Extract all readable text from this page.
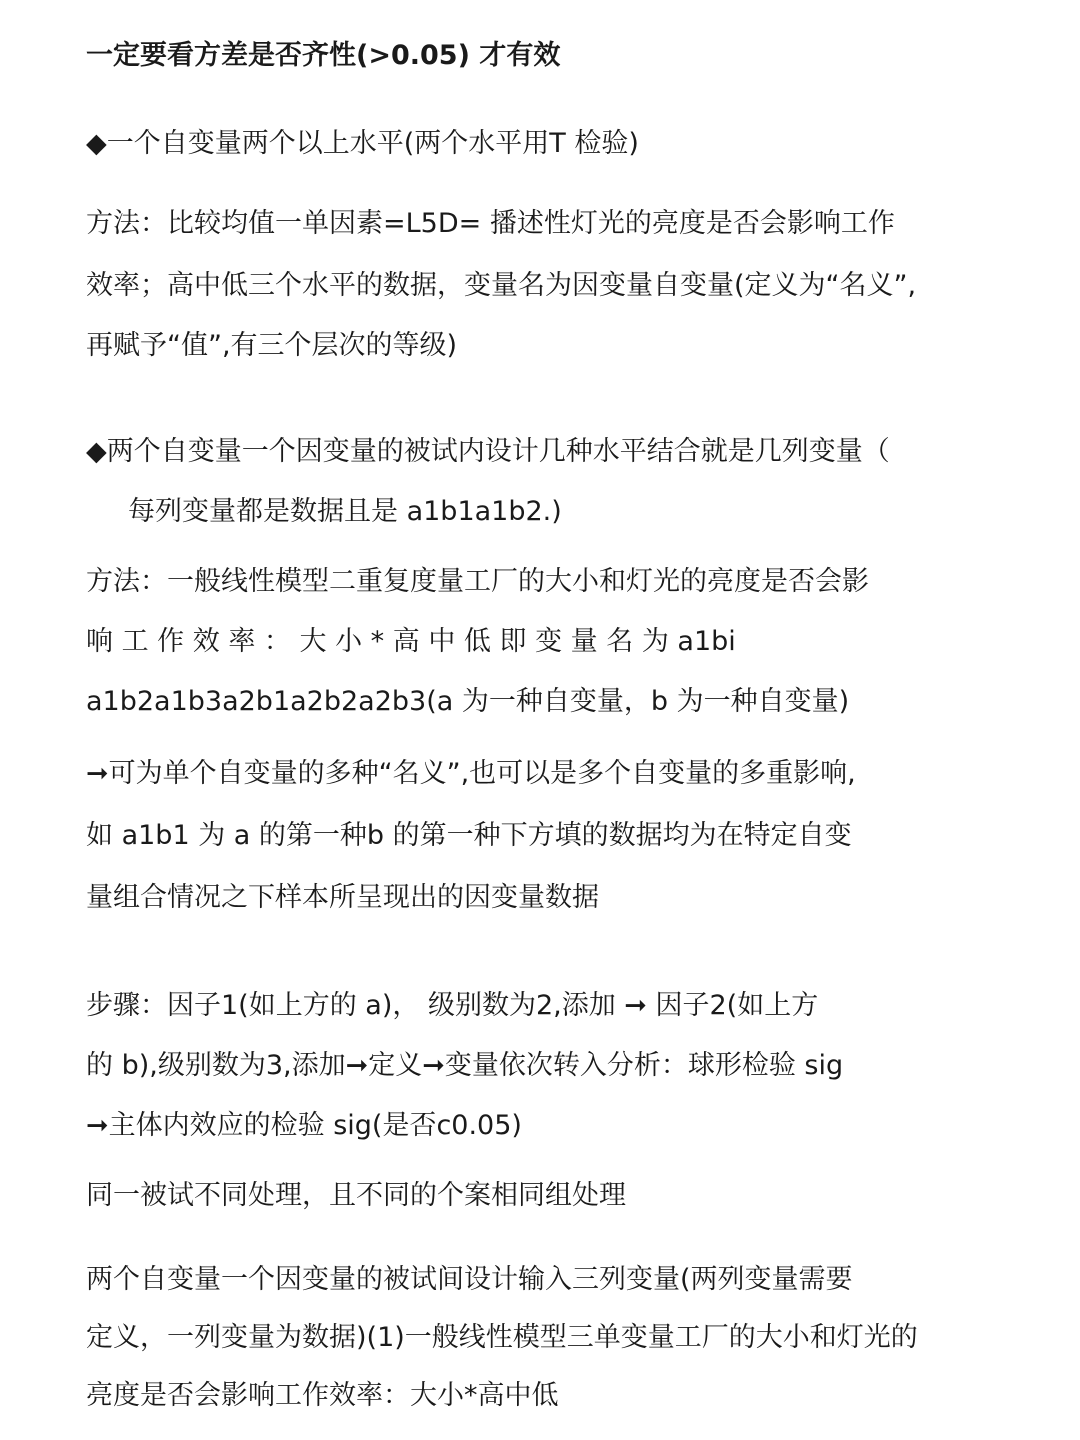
一定要看方差是否齐性(>0.05) 才有效
◆一个自变量两个以上水平(两个水平用T 检验)
方法：比较均值一单因素=L5D= 播述性灯光的亮度是否会影响工作
效率；高中低三个水平的数据，变量名为因变量自变量(定义为“名义”,
再赋予“值”,有三个层次的等级)
◆两个自变量一个因变量的被试内设计几种水平结合就是几列变量（
每列变量都是数据且是 a1b1a1b2.)
方法：一般线性模型二重复度量工厂的大小和灯光的亮度是否会影
响 工 作 效 率 ： 大 小 * 高 中 低 即 变 量 名 为 a1bi
a1b2a1b3a2b1a2b2a2b3(a 为一种自变量，b 为一种自变量)
➞可为单个自变量的多种“名义”,也可以是多个自变量的多重影响,
如 a1b1 为 a 的第一种b 的第一种下方填的数据均为在特定自变
量组合情况之下样本所呈现出的因变量数据
步骤：因子1(如上方的 a)， 级别数为2,添加 ➞ 因子2(如上方
的 b),级别数为3,添加➞定义➞变量依次转入分析：球形检验 sig
➞主体内效应的检验 sig(是否c0.05)
同一被试不同处理，且不同的个案相同组处理
两个自变量一个因变量的被试间设计输入三列变量(两列变量需要
定义，一列变量为数据)(1)一般线性模型三单变量工厂的大小和灯光的
亮度是否会影响工作效率：大小*高中低
